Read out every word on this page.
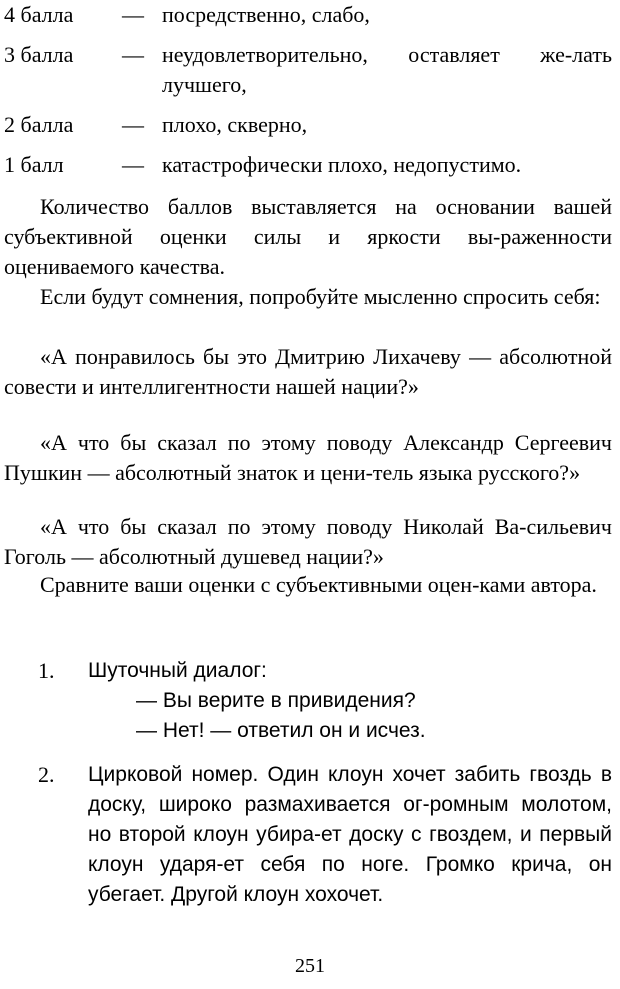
4 балла — посредственно, слабо,
3 балла — неудовлетворительно, оставляет же-лать лучшего,
2 балла — плохо, скверно,
1 балл	— катастрофически плохо, недопустимо.

Количество баллов выставляется на основании вашей субъективной оценки силы и яркости вы-раженности оцениваемого качества.

Если будут сомнения, попробуйте мысленно спросить себя:

«А понравилось бы это Дмитрию Лихачеву — абсолютной совести и интеллигентности нашей нации?»

«А что бы сказал по этому поводу Александр Сергеевич Пушкин — абсолютный знаток и цени-тель языка русского?»

«А что бы сказал по этому поводу Николай Ва-сильевич Гоголь — абсолютный душевед нации?»

Сравните ваши оценки с субъективными оцен-ками автора.

1. Шуточный диалог:
— Вы верите в привидения?
— Нет! — ответил он и исчез.
2. Цирковой номер. Один клоун хочет забить гвоздь в доску, широко размахивается ог-ромным молотом, но второй клоун убира-ет доску с гвоздем, и первый клоун ударя-ет себя по ноге. Громко крича, он убегает. Другой клоун хохочет.
251
